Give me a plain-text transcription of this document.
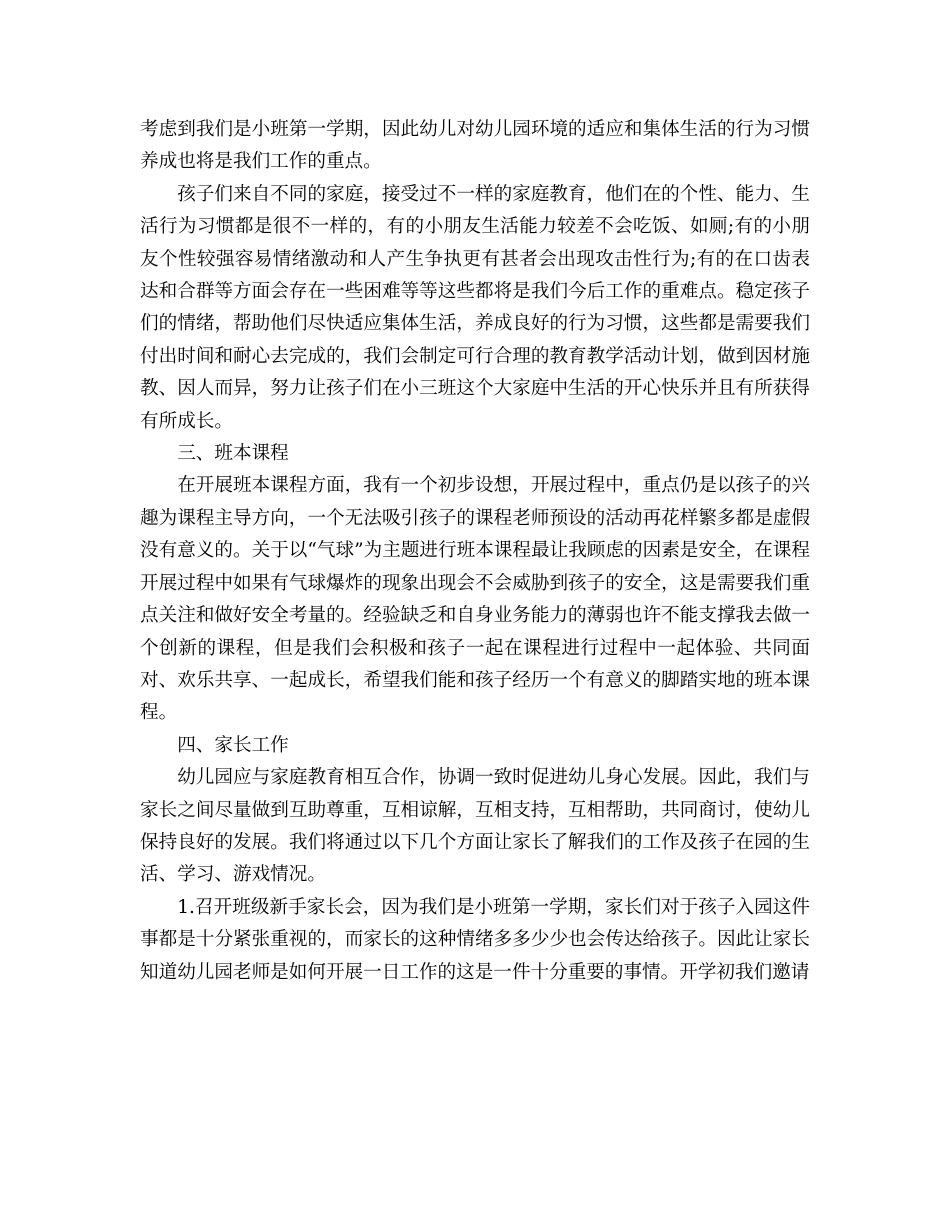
考虑到我们是小班第一学期，因此幼儿对幼儿园环境的适应和集体生活的行为习惯养成也将是我们工作的重点。

孩子们来自不同的家庭，接受过不一样的家庭教育，他们在的个性、能力、生活行为习惯都是很不一样的，有的小朋友生活能力较差不会吃饭、如厕;有的小朋友个性较强容易情绪激动和人产生争执更有甚者会出现攻击性行为;有的在口齿表达和合群等方面会存在一些困难等等这些都将是我们今后工作的重难点。稳定孩子们的情绪，帮助他们尽快适应集体生活，养成良好的行为习惯，这些都是需要我们付出时间和耐心去完成的，我们会制定可行合理的教育教学活动计划，做到因材施教、因人而异，努力让孩子们在小三班这个大家庭中生活的开心快乐并且有所获得有所成长。

三、班本课程

在开展班本课程方面，我有一个初步设想，开展过程中，重点仍是以孩子的兴趣为课程主导方向，一个无法吸引孩子的课程老师预设的活动再花样繁多都是虚假没有意义的。关于以“气球”为主题进行班本课程最让我顾虑的因素是安全，在课程开展过程中如果有气球爆炸的现象出现会不会威胁到孩子的安全，这是需要我们重点关注和做好安全考量的。经验缺乏和自身业务能力的薄弱也许不能支撑我去做一个创新的课程，但是我们会积极和孩子一起在课程进行过程中一起体验、共同面对、欢乐共享、一起成长，希望我们能和孩子经历一个有意义的脚踏实地的班本课程。

四、家长工作

幼儿园应与家庭教育相互合作，协调一致时促进幼儿身心发展。因此，我们与家长之间尽量做到互助尊重，互相谅解，互相支持，互相帮助，共同商讨，使幼儿保持良好的发展。我们将通过以下几个方面让家长了解我们的工作及孩子在园的生活、学习、游戏情况。

1.召开班级新手家长会，因为我们是小班第一学期，家长们对于孩子入园这件事都是十分紧张重视的，而家长的这种情绪多多少少也会传达给孩子。因此让家长知道幼儿园老师是如何开展一日工作的这是一件十分重要的事情。开学初我们邀请
